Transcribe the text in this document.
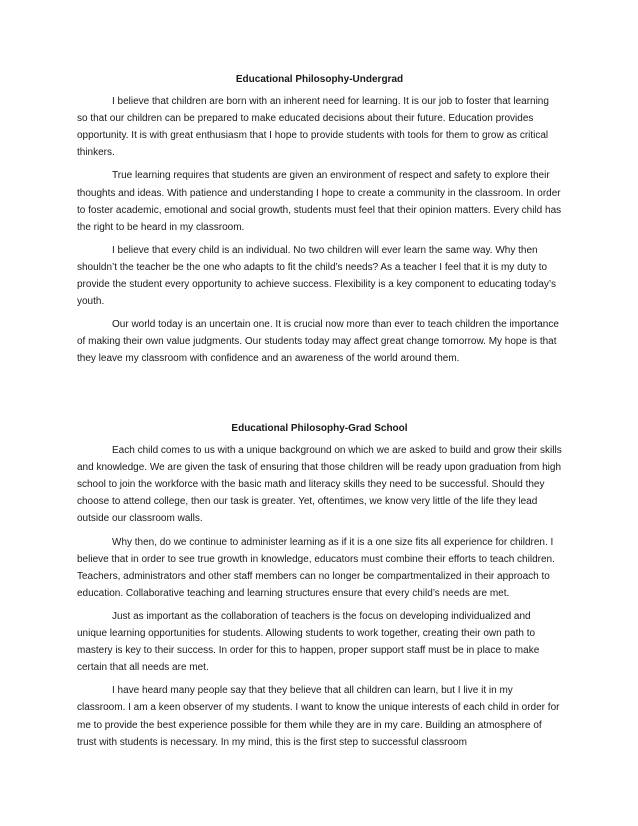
Educational Philosophy-Undergrad

I believe that children are born with an inherent need for learning. It is our job to foster that learning so that our children can be prepared to make educated decisions about their future. Education provides opportunity. It is with great enthusiasm that I hope to provide students with tools for them to grow as critical thinkers.

True learning requires that students are given an environment of respect and safety to explore their thoughts and ideas. With patience and understanding I hope to create a community in the classroom. In order to foster academic, emotional and social growth, students must feel that their opinion matters. Every child has the right to be heard in my classroom.

I believe that every child is an individual. No two children will ever learn the same way. Why then shouldn’t the teacher be the one who adapts to fit the child’s needs? As a teacher I feel that it is my duty to provide the student every opportunity to achieve success. Flexibility is a key component to educating today’s youth.

Our world today is an uncertain one. It is crucial now more than ever to teach children the importance of making their own value judgments. Our students today may affect great change tomorrow. My hope is that they leave my classroom with confidence and an awareness of the world around them.

Educational Philosophy-Grad School

Each child comes to us with a unique background on which we are asked to build and grow their skills and knowledge. We are given the task of ensuring that those children will be ready upon graduation from high school to join the workforce with the basic math and literacy skills they need to be successful. Should they choose to attend college, then our task is greater. Yet, oftentimes, we know very little of the life they lead outside our classroom walls.

Why then, do we continue to administer learning as if it is a one size fits all experience for children. I believe that in order to see true growth in knowledge, educators must combine their efforts to teach children. Teachers, administrators and other staff members can no longer be compartmentalized in their approach to education. Collaborative teaching and learning structures ensure that every child’s needs are met.

Just as important as the collaboration of teachers is the focus on developing individualized and unique learning opportunities for students. Allowing students to work together, creating their own path to mastery is key to their success. In order for this to happen, proper support staff must be in place to make certain that all needs are met.

I have heard many people say that they believe that all children can learn, but I live it in my classroom. I am a keen observer of my students. I want to know the unique interests of each child in order for me to provide the best experience possible for them while they are in my care. Building an atmosphere of trust with students is necessary. In my mind, this is the first step to successful classroom
